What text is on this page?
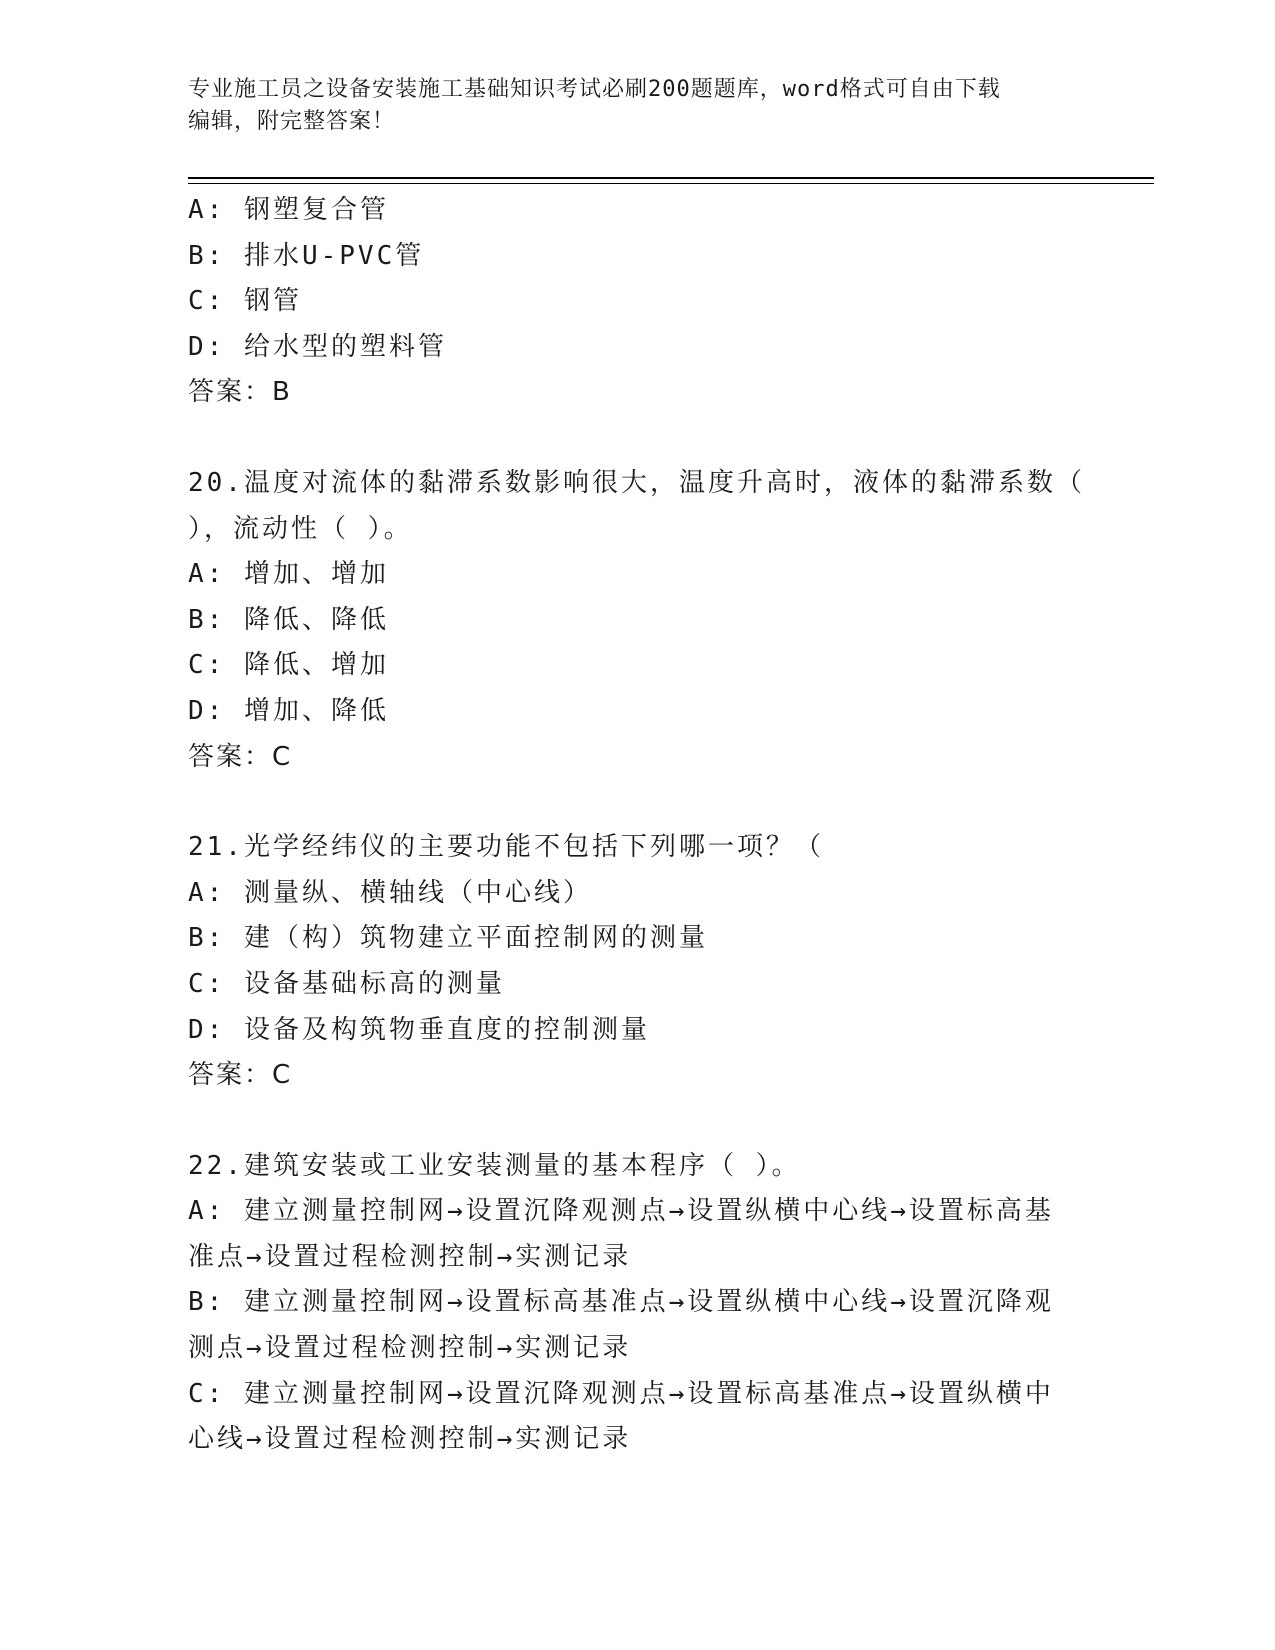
专业施工员之设备安装施工基础知识考试必刷200题题库，word格式可自由下载
编辑，附完整答案！
A: 钢塑复合管
B: 排水U-PVC管
C: 钢管
D: 给水型的塑料管
答案：B
20.温度对流体的黏滞系数影响很大，温度升高时，液体的黏滞系数（
），流动性（ ）。
A: 增加、增加
B: 降低、降低
C: 降低、增加
D: 增加、降低
答案：C
21.光学经纬仪的主要功能不包括下列哪一项？（
A: 测量纵、横轴线（中心线）
B: 建（构）筑物建立平面控制网的测量
C: 设备基础标高的测量
D: 设备及构筑物垂直度的控制测量
答案：C
22.建筑安装或工业安装测量的基本程序（ ）。
A: 建立测量控制网→设置沉降观测点→设置纵横中心线→设置标高基
准点→设置过程检测控制→实测记录
B: 建立测量控制网→设置标高基准点→设置纵横中心线→设置沉降观
测点→设置过程检测控制→实测记录
C: 建立测量控制网→设置沉降观测点→设置标高基准点→设置纵横中
心线→设置过程检测控制→实测记录
